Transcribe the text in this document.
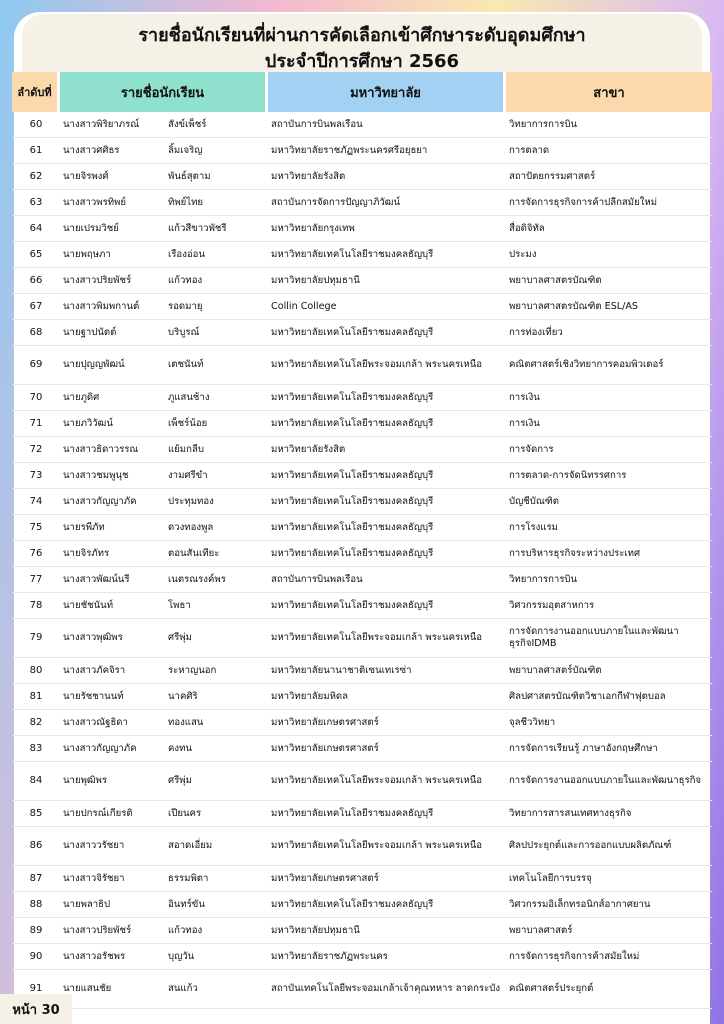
รายชื่อนักเรียนที่ผ่านการคัดเลือกเข้าศึกษาระดับอุดมศึกษา
ประจำปีการศึกษา 2566
ลำดับที่	รายชื่อนักเรียน		มหาวิทยาลัย	สาขา
60	นางสาวพิริยาภรณ์	สังข์เพ็ชร์	สถาบันการบินพลเรือน	วิทยาการการบิน
61	นางสาวศศิธร	ลิ้มเจริญ	มหาวิทยาลัยราชภัฏพระนครศรีอยุธยา	การตลาด
62	นายจิรพงศ์	พันธ์สุตาม	มหาวิทยาลัยรังสิต	สถาปัตยกรรมศาสตร์
63	นางสาวพรทิพย์	ทิพย์ไทย	สถาบันการจัดการปัญญาภิวัฒน์	การจัดการธุรกิจการค้าปลีกสมัยใหม่
64	นายเปรมวิชย์	แก้วสีขาวพัชรี	มหาวิทยาลัยกรุงเทพ	สื่อดิจิทัล
65	นายพฤษภา	เรืองอ่อน	มหาวิทยาลัยเทคโนโลยีราชมงคลธัญบุรี	ประมง
66	นางสาวปริยพัชร์	แก้วทอง	มหาวิทยาลัยปทุมธานี	พยาบาลศาสตรบัณฑิต
67	นางสาวพิมพกานต์	รอดมายุ	Collin College	พยาบาลศาสตรบัณฑิต ESL/AS
68	นายฐาปนัตต์	บริบูรณ์	มหาวิทยาลัยเทคโนโลยีราชมงคลธัญบุรี	การท่องเที่ยว
69	นายปุญญพัฒน์	เตชนันท์	มหาวิทยาลัยเทคโนโลยีพระจอมเกล้า พระนครเหนือ	คณิตศาสตร์เชิงวิทยาการคอมพิวเตอร์
70	นายภูดิศ	ภูแสนช้าง	มหาวิทยาลัยเทคโนโลยีราชมงคลธัญบุรี	การเงิน
71	นายภวิวัฒน์	เพ็ชร์น้อย	มหาวิทยาลัยเทคโนโลยีราชมงคลธัญบุรี	การเงิน
72	นางสาวธิดาวรรณ	แย้มกลีบ	มหาวิทยาลัยรังสิต	การจัดการ
73	นางสาวชมพูนุช	งามศรีขำ	มหาวิทยาลัยเทคโนโลยีราชมงคลธัญบุรี	การตลาด-การจัดนิทรรศการ
74	นางสาวกัญญาภัค	ประทุมทอง	มหาวิทยาลัยเทคโนโลยีราชมงคลธัญบุรี	บัญชีบัณฑิต
75	นายรพีภัท	ดวงทองพูล	มหาวิทยาลัยเทคโนโลยีราชมงคลธัญบุรี	การโรงแรม
76	นายจิรภัทร	ตอนสันเทียะ	มหาวิทยาลัยเทคโนโลยีราชมงคลธัญบุรี	การบริหารธุรกิจระหว่างประเทศ
77	นางสาวพัฒน์นรี	เนตรณรงค์พร	สถาบันการบินพลเรือน	วิทยาการการบิน
78	นายชัชนันท์	โพธา	มหาวิทยาลัยเทคโนโลยีราชมงคลธัญบุรี	วิศวกรรมอุตสาหการ
79	นางสาวพุฒิพร	ศรีพุ่ม	มหาวิทยาลัยเทคโนโลยีพระจอมเกล้า พระนครเหนือ	การจัดการงานออกแบบภายในและพัฒนาธุรกิจIDMB
80	นางสาวภัคจิรา	ระหาญนอก	มหาวิทยาลัยนานาชาติเซนเทเรซ่า	พยาบาลศาสตร์บัณฑิต
81	นายรัชชานนท์	นาคศิริ	มหาวิทยาลัยมหิดล	ศิลปศาสตรบัณฑิตวิชาเอกกีฬาฟุตบอล
82	นางสาวณัฐธิดา	ทองแสน	มหาวิทยาลัยเกษตรศาสตร์	จุลชีววิทยา
83	นางสาวกัญญาภัค	คงทน	มหาวิทยาลัยเกษตรศาสตร์	การจัดการเรียนรู้ ภาษาอังกฤษศึกษา
84	นายพุฒิพร	ศรีพุ่ม	มหาวิทยาลัยเทคโนโลยีพระจอมเกล้า พระนครเหนือ	การจัดการงานออกแบบภายในและพัฒนาธุรกิจ
85	นายปกรณ์เกียรติ	เปียนคร	มหาวิทยาลัยเทคโนโลยีราชมงคลธัญบุรี	วิทยาการสารสนเทศทางธุรกิจ
86	นางสาววรัชยา	สอาดเอี่ยม	มหาวิทยาลัยเทคโนโลยีพระจอมเกล้า พระนครเหนือ	ศิลปประยุกต์และการออกแบบผลิตภัณฑ์
87	นางสาวจิรัชยา	ธรรมพิตา	มหาวิทยาลัยเกษตรศาสตร์	เทคโนโลยีการบรรจุ
88	นายพลาธิป	อินทร์ขัน	มหาวิทยาลัยเทคโนโลยีราชมงคลธัญบุรี	วิศวกรรมอิเล็กทรอนิกส์อากาศยาน
89	นางสาวปริยพัชร์	แก้วทอง	มหาวิทยาลัยปทุมธานี	พยาบาลศาสตร์
90	นางสาวอรัชพร	บุญวัน	มหาวิทยาลัยราชภัฏพระนคร	การจัดการธุรกิจการค้าสมัยใหม่
91	นายแสนชัย	สนแก้ว	สถาบันเทคโนโลยีพระจอมเกล้าเจ้าคุณทหาร ลาดกระบัง	คณิตศาสตร์ประยุกต์
หน้า 30
